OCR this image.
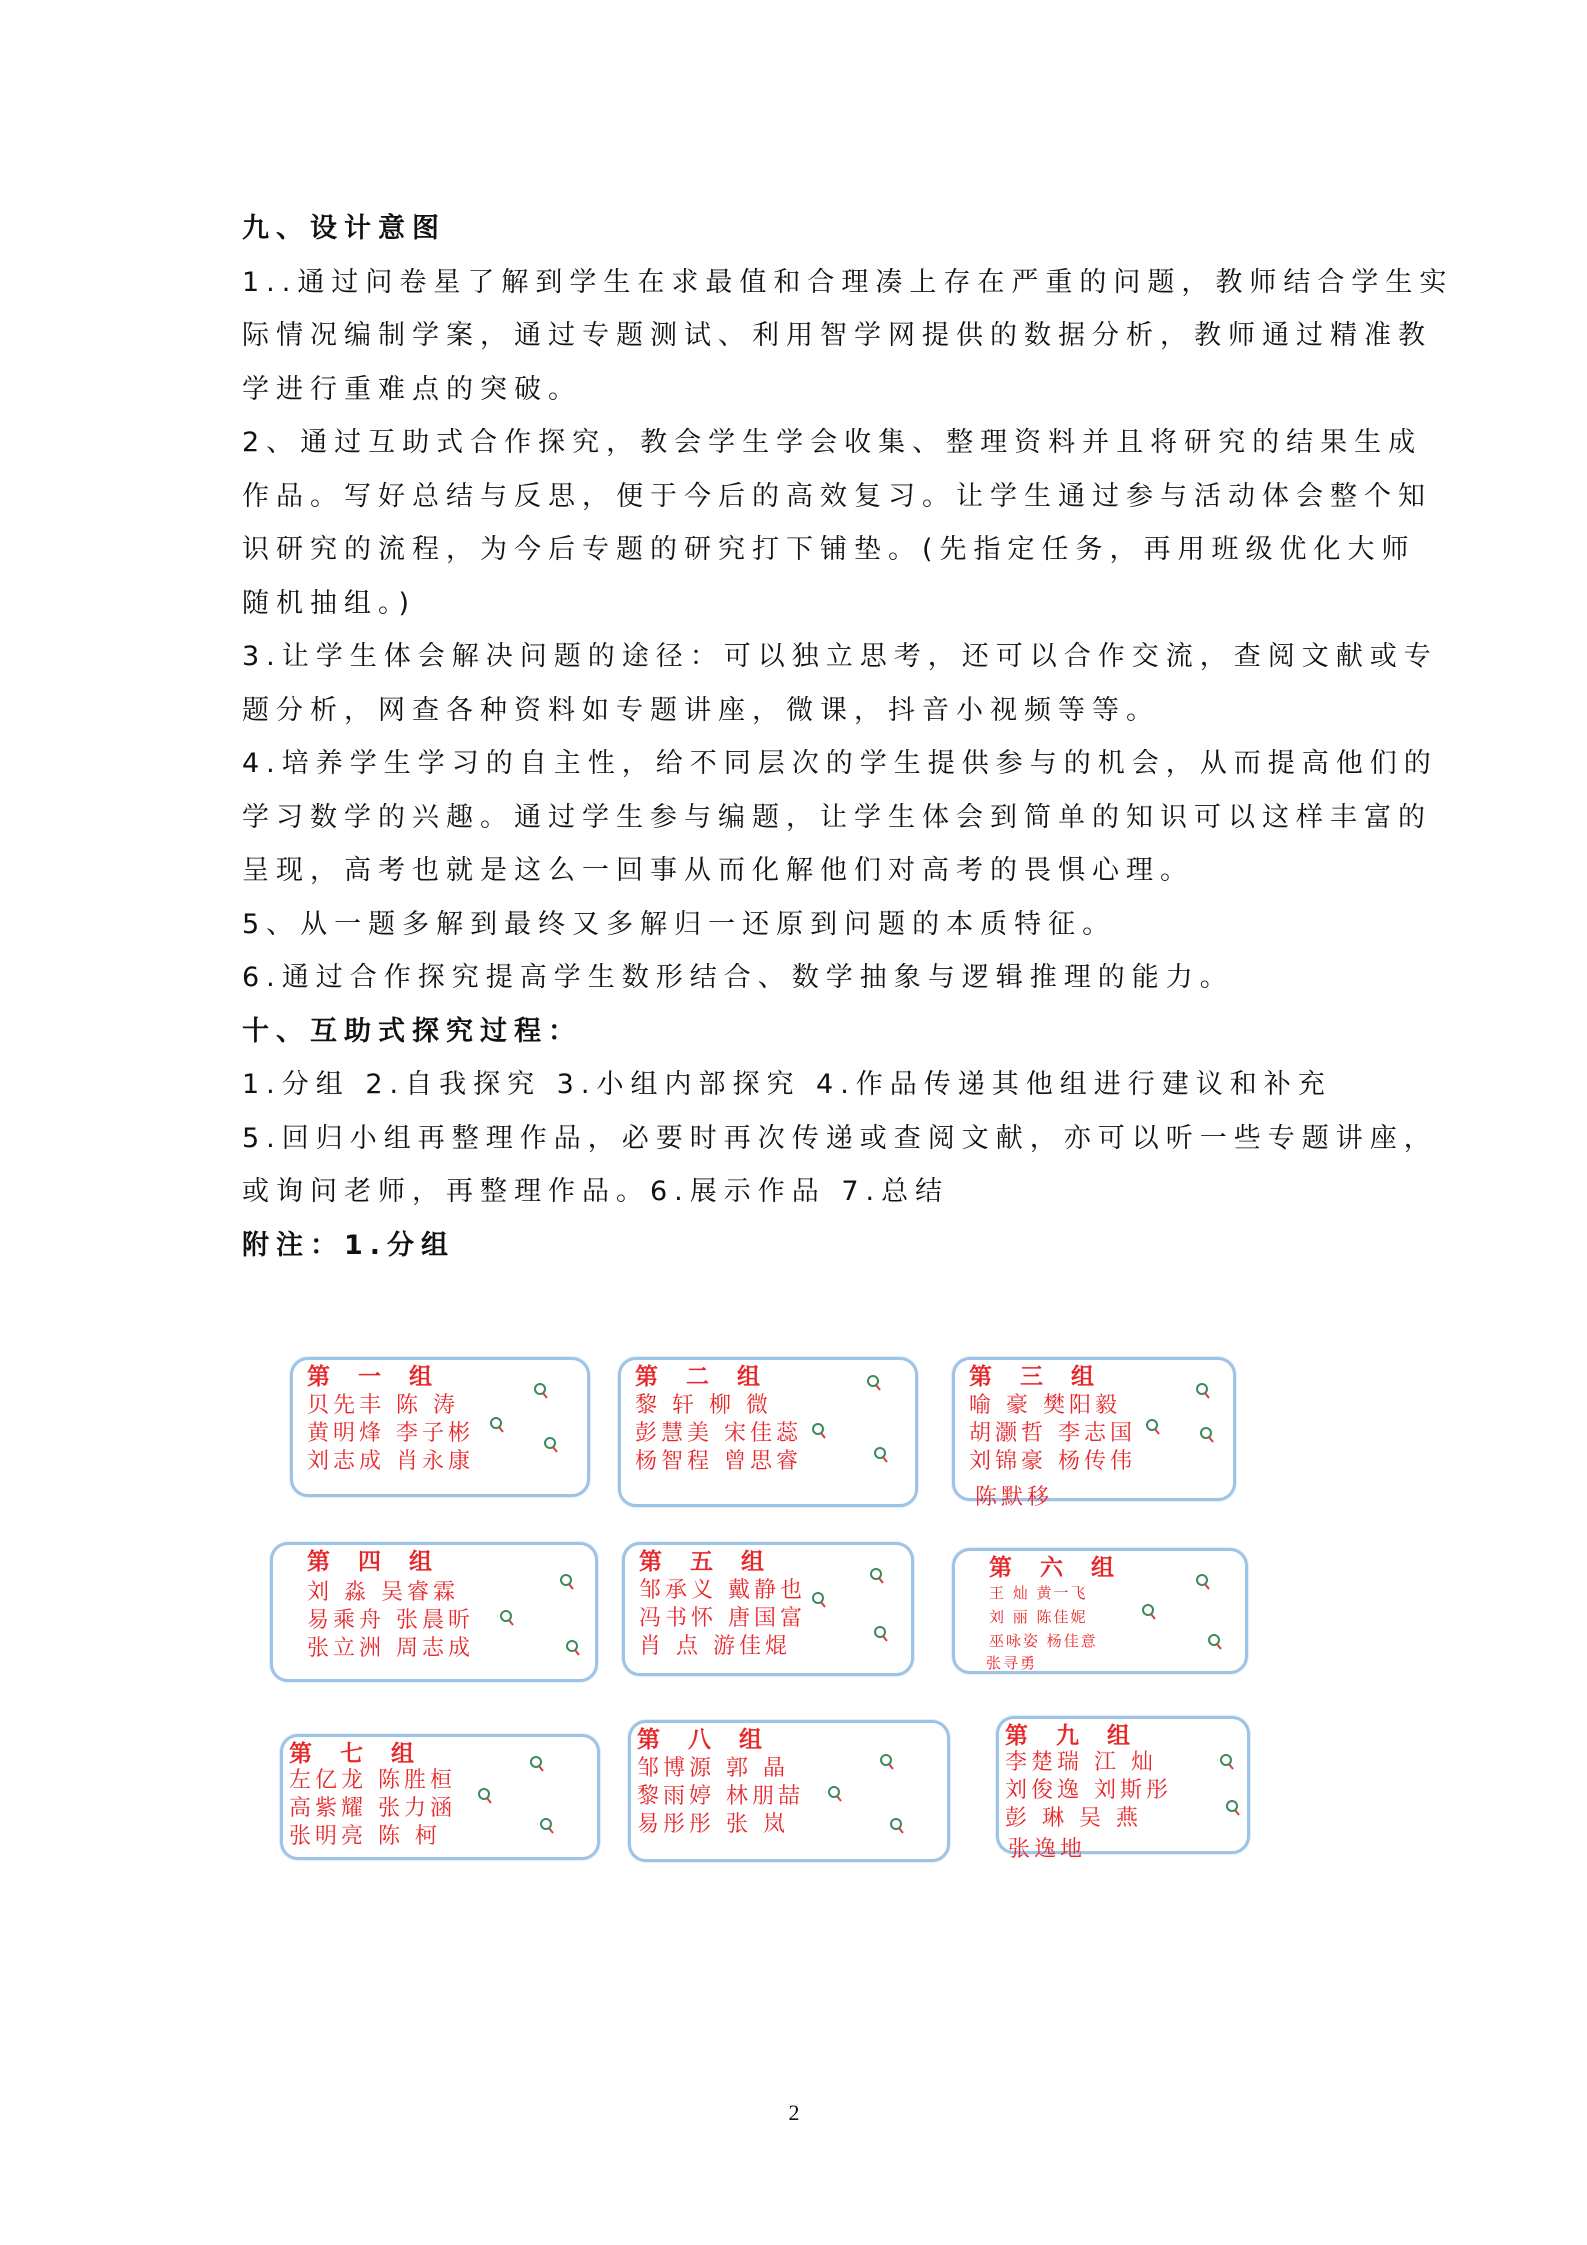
九、设计意图
1..通过问卷星了解到学生在求最值和合理凑上存在严重的问题，教师结合学生实
际情况编制学案，通过专题测试、利用智学网提供的数据分析，教师通过精准教
学进行重难点的突破。
2、通过互助式合作探究，教会学生学会收集、整理资料并且将研究的结果生成
作品。写好总结与反思，便于今后的高效复习。让学生通过参与活动体会整个知
识研究的流程，为今后专题的研究打下铺垫。(先指定任务，再用班级优化大师
随机抽组。)
3.让学生体会解决问题的途径：可以独立思考，还可以合作交流，查阅文献或专
题分析，网查各种资料如专题讲座，微课，抖音小视频等等。
4.培养学生学习的自主性，给不同层次的学生提供参与的机会，从而提高他们的
学习数学的兴趣。通过学生参与编题，让学生体会到简单的知识可以这样丰富的
呈现，高考也就是这么一回事从而化解他们对高考的畏惧心理。
5、从一题多解到最终又多解归一还原到问题的本质特征。
6.通过合作探究提高学生数形结合、数学抽象与逻辑推理的能力。
十、互助式探究过程：
1.分组 2.自我探究 3.小组内部探究 4.作品传递其他组进行建议和补充
5.回归小组再整理作品，必要时再次传递或查阅文献，亦可以听一些专题讲座，
或询问老师，再整理作品。6.展示作品 7.总结
附注：1.分组
第 一 组
贝先丰 陈 涛
黄明烽 李子彬
刘志成 肖永康
第 二 组
黎 轩 柳 微
彭慧美 宋佳蕊
杨智程 曾思睿
第 三 组
喻 豪 樊阳毅
胡灏哲 李志国
刘锦豪 杨传伟
陈默移
第 四 组
刘 淼 吴睿霖
易乘舟 张晨昕
张立洲 周志成
第 五 组
邹承义 戴静也
冯书怀 唐国富
肖 点 游佳焜
第 六 组
王 灿 黄一飞
刘 丽 陈佳妮
巫咏姿 杨佳意
张寻勇
第 七 组
左亿龙 陈胜桓
高紫耀 张力涵
张明亮 陈 柯
第 八 组
邹博源 郭 晶
黎雨婷 林朋喆
易彤彤 张 岚
第 九 组
李楚瑞 江 灿
刘俊逸 刘斯彤
彭 琳 吴 燕
张逸地
2
